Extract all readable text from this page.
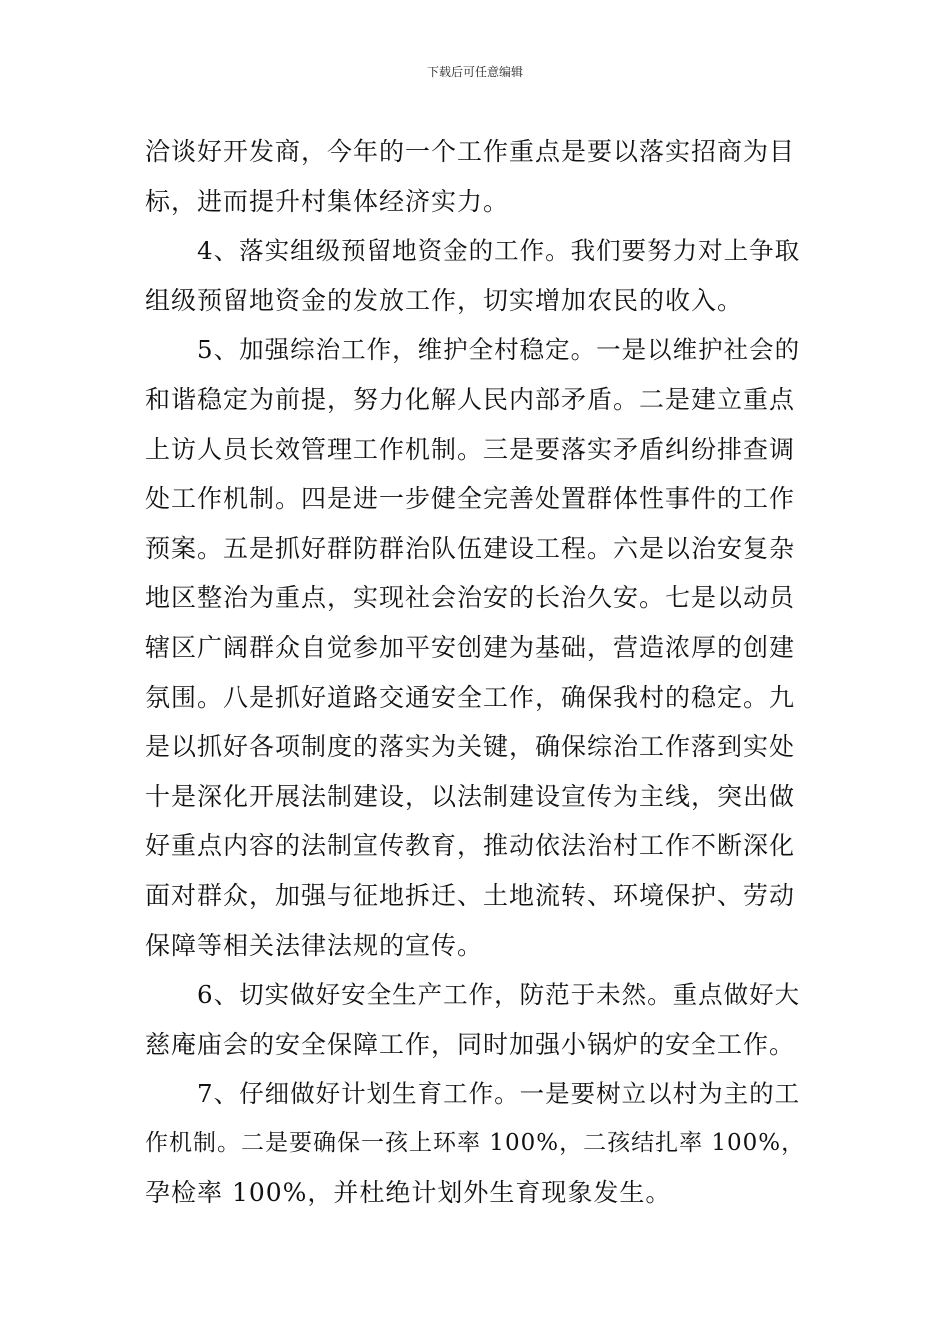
下载后可任意编辑
洽谈好开发商，今年的一个工作重点是要以落实招商为目
标，进而提升村集体经济实力。
4、落实组级预留地资金的工作。我们要努力对上争取
组级预留地资金的发放工作，切实增加农民的收入。
5、加强综治工作，维护全村稳定。一是以维护社会的
和谐稳定为前提，努力化解人民内部矛盾。二是建立重点
上访人员长效管理工作机制。三是要落实矛盾纠纷排查调
处工作机制。四是进一步健全完善处置群体性事件的工作
预案。五是抓好群防群治队伍建设工程。六是以治安复杂
地区整治为重点，实现社会治安的长治久安。七是以动员
辖区广阔群众自觉参加平安创建为基础，营造浓厚的创建
氛围。八是抓好道路交通安全工作，确保我村的稳定。九
是以抓好各项制度的落实为关键，确保综治工作落到实处
十是深化开展法制建设，以法制建设宣传为主线，突出做
好重点内容的法制宣传教育，推动依法治村工作不断深化
面对群众，加强与征地拆迁、土地流转、环境保护、劳动
保障等相关法律法规的宣传。
6、切实做好安全生产工作，防范于未然。重点做好大
慈庵庙会的安全保障工作，同时加强小锅炉的安全工作。
7、仔细做好计划生育工作。一是要树立以村为主的工
作机制。二是要确保一孩上环率 100%，二孩结扎率 100%，
孕检率 100%，并杜绝计划外生育现象发生。
